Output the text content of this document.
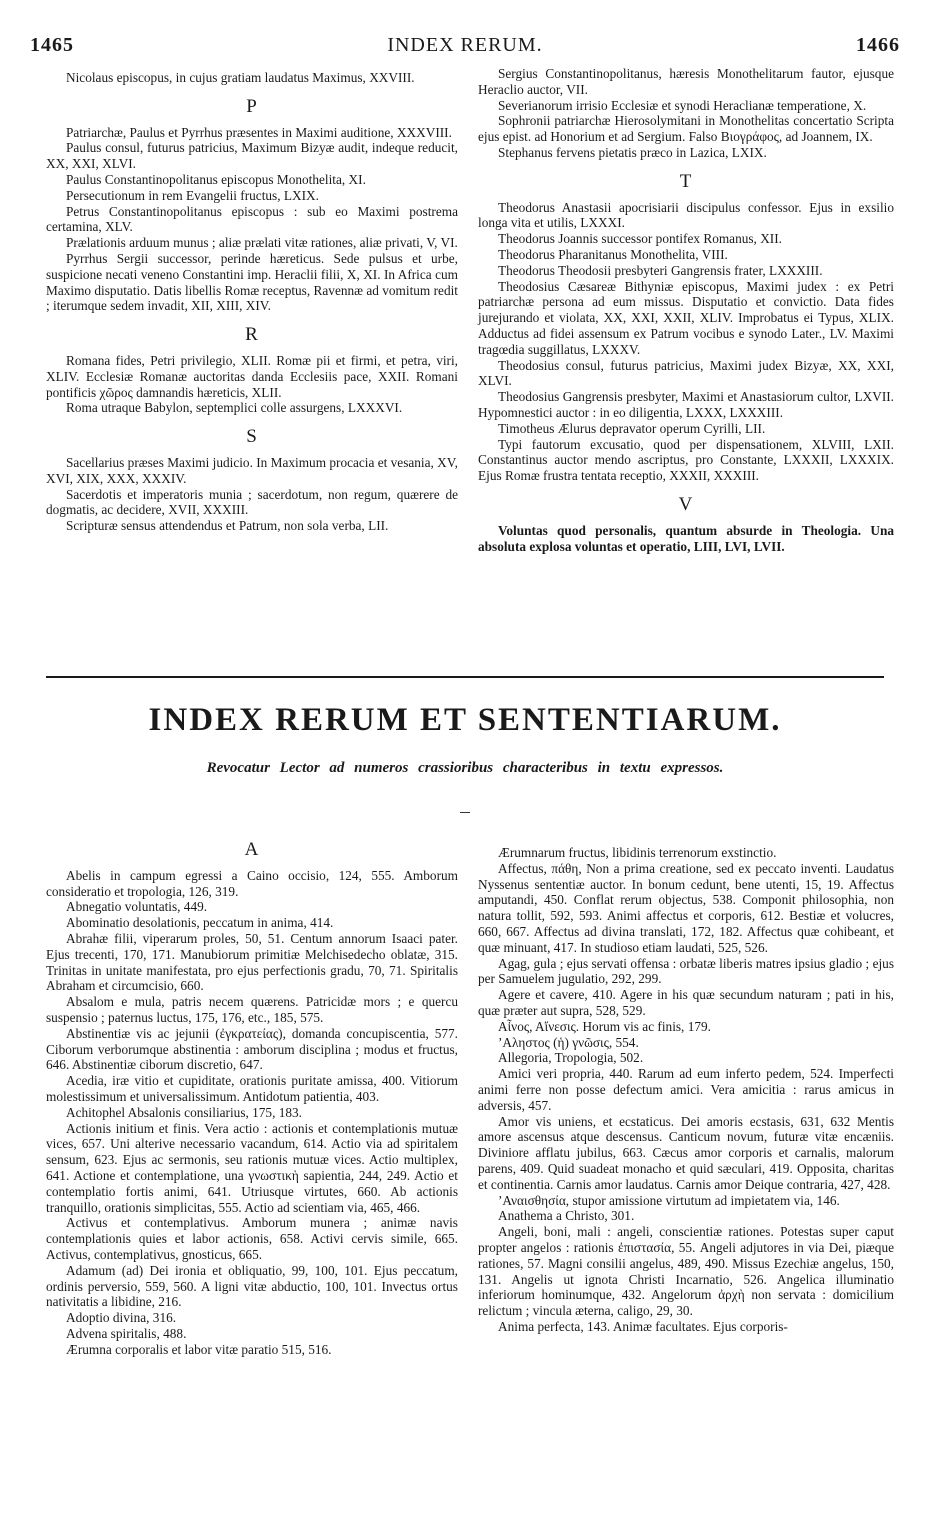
1465	INDEX RERUM.	1466

Nicolaus episcopus, in cujus gratiam laudatus Maximus, XXVIII.

P

Patriarchæ, Paulus et Pyrrhus præsentes in Maximi auditione, XXXVIII.

Paulus consul, futurus patricius, Maximum Bizyæ audit, indeque reducit, XX, XXI, XLVI.

Paulus Constantinopolitanus episcopus Monothelita, XI.

Persecutionum in rem Evangelii fructus, LXIX.

Petrus Constantinopolitanus episcopus : sub eo Maximi postrema certamina, XLV.

Prælationis arduum munus ; aliæ prælati vitæ rationes, aliæ privati, V, VI.

Pyrrhus Sergii successor, perinde hæreticus. Sede pulsus et urbe, suspicione necati veneno Constantini imp. Heraclii filii, X, XI. In Africa cum Maximo disputatio. Datis libellis Romæ receptus, Ravennæ ad vomitum redit ; iterumque sedem invadit, XII, XIII, XIV.

R

Romana fides, Petri privilegio, XLII. Romæ pii et firmi, et petra, viri, XLIV. Ecclesiæ Romanæ auctoritas danda Ecclesiis pace, XXII. Romani pontificis χῶρος damnandis hæreticis, XLII.

Roma utraque Babylon, septemplici colle assurgens, LXXXVI.

S

Sacellarius præses Maximi judicio. In Maximum procacia et vesania, XV, XVI, XIX, XXX, XXXIV.

Sacerdotis et imperatoris munia ; sacerdotum, non regum, quærere de dogmatis, ac decidere, XVII, XXXIII.

Scripturæ sensus attendendus et Patrum, non sola verba, LII.

Sergius Constantinopolitanus, hæresis Monothelitarum fautor, ejusque Heraclio auctor, VII.

Severianorum irrisio Ecclesiæ et synodi Heraclianæ temperatione, X.

Sophronii patriarchæ Hierosolymitani in Monothelitas concertatio Scripta ejus epist. ad Honorium et ad Sergium. Falso Βιογράφος, ad Joannem, IX.

Stephanus fervens pietatis præco in Lazica, LXIX.

T

Theodorus Anastasii apocrisiarii discipulus confessor. Ejus in exsilio longa vita et utilis, LXXXI.

Theodorus Joannis successor pontifex Romanus, XII.

Theodorus Pharanitanus Monothelita, VIII.

Theodorus Theodosii presbyteri Gangrensis frater, LXXXIII.

Theodosius Cæsareæ Bithyniæ episcopus, Maximi judex : ex Petri patriarchæ persona ad eum missus. Disputatio et convictio. Data fides jurejurando et violata, XX, XXI, XXII, XLIV. Improbatus ei Typus, XLIX. Adductus ad fidei assensum ex Patrum vocibus e synodo Later., LV. Maximi tragœdia suggillatus, LXXXV.

Theodosius consul, futurus patricius, Maximi judex Bizyæ, XX, XXI, XLVI.

Theodosius Gangrensis presbyter, Maximi et Anastasiorum cultor, LXVII. Hypomnestici auctor : in eo diligentia, LXXX, LXXXIII.

Timotheus Ælurus depravator operum Cyrilli, LII.

Typi fautorum excusatio, quod per dispensationem, XLVIII, LXII. Constantinus auctor mendo ascriptus, pro Constante, LXXXII, LXXXIX. Ejus Romæ frustra tentata receptio, XXXII, XXXIII.

V

Voluntas quod personalis, quantum absurde in Theologia. Una absoluta explosa voluntas et operatio, LIII, LVI, LVII.

INDEX RERUM ET SENTENTIARUM.
Revocatur Lector ad numeros crassioribus characteribus in textu expressos.

A

Abelis in campum egressi a Caino occisio, 124, 555. Amborum consideratio et tropologia, 126, 319.

Abnegatio voluntatis, 449.

Abominatio desolationis, peccatum in anima, 414.

Abrahæ filii, viperarum proles, 50, 51. Centum annorum Isaaci pater. Ejus trecenti, 170, 171. Manubiorum primitiæ Melchisedecho oblatæ, 315. Trinitas in unitate manifestata, pro ejus perfectionis gradu, 70, 71. Spiritalis Abraham et circumcisio, 660.

Absalom e mula, patris necem quærens. Patricidæ mors ; e quercu suspensio ; paternus luctus, 175, 176, etc., 185, 575.

Abstinentiæ vis ac jejunii (ἐγκρατείας), domanda concupiscentia, 577. Ciborum verborumque abstinentia : amborum disciplina ; modus et fructus, 646. Abstinentiæ ciborum discretio, 647.

Acedia, iræ vitio et cupiditate, orationis puritate amissa, 400. Vitiorum molestissimum et universalissimum. Antidotum patientia, 403.

Achitophel Absalonis consiliarius, 175, 183.

Actionis initium et finis. Vera actio : actionis et contemplationis mutuæ vices, 657. Uni alterive necessario vacandum, 614. Actio via ad spiritalem sensum, 623. Ejus ac sermonis, seu rationis mutuæ vices. Actio multiplex, 641. Actione et contemplatione, una γνωστικὴ sapientia, 244, 249. Actio et contemplatio fortis animi, 641. Utriusque virtutes, 660. Ab actionis tranquillo, orationis simplicitas, 555. Actio ad scientiam via, 465, 466.

Activus et contemplativus. Amborum munera ; animæ navis contemplationis quies et labor actionis, 658. Activi cervis simile, 665. Activus, contemplativus, gnosticus, 665.

Adamum (ad) Dei ironia et obliquatio, 99, 100, 101. Ejus peccatum, ordinis perversio, 559, 560. A ligni vitæ abductio, 100, 101. Invectus ortus nativitatis a libidine, 216.

Adoptio divina, 316.

Advena spiritalis, 488.

Ærumna corporalis et labor vitæ paratio 515, 516.

Ærumnarum fructus, libidinis terrenorum exstinctio.

Affectus, πάθη, Non a prima creatione, sed ex peccato inventi. Laudatus Nyssenus sententiæ auctor. In bonum cedunt, bene utenti, 15, 19. Affectus amputandi, 450. Conflat rerum objectus, 538. Componit philosophia, non natura tollit, 592, 593. Animi affectus et corporis, 612. Bestiæ et volucres, 660, 667. Affectus ad divina translati, 172, 182. Affectus quæ cohibeant, et quæ minuant, 417. In studioso etiam laudati, 525, 526.

Agag, gula ; ejus servati offensa : orbatæ liberis matres ipsius gladio ; ejus per Samuelem jugulatio, 292, 299.

Agere et cavere, 410. Agere in his quæ secundum naturam ; pati in his, quæ præter aut supra, 528, 529.

Αἶνος, Αἴνεσις. Horum vis ac finis, 179.

ʼΑληστος (ἡ) γνῶσις, 554.

Allegoria, Tropologia, 502.

Amici veri propria, 440. Rarum ad eum inferto pedem, 524. Imperfecti animi ferre non posse defectum amici. Vera amicitia : rarus amicus in adversis, 457.

Amor vis uniens, et ecstaticus. Dei amoris ecstasis, 631, 632 Mentis amore ascensus atque descensus. Canticum novum, futuræ vitæ encæniis. Diviniore afflatu jubilus, 663. Cæcus amor corporis et carnalis, malorum parens, 409. Quid suadeat monacho et quid sæculari, 419. Opposita, charitas et continentia. Carnis amor laudatus. Carnis amor Deique contraria, 427, 428.

ʼΑναισθησία, stupor amissione virtutum ad impietatem via, 146.

Anathema a Christo, 301.

Angeli, boni, mali : angeli, conscientiæ rationes. Potestas super caput propter angelos : rationis ἐπιστασία, 55. Angeli adjutores in via Dei, piæque rationes, 57. Magni consilii angelus, 489, 490. Missus Ezechiæ angelus, 150, 131. Angelis ut ignota Christi Incarnatio, 526. Angelica illuminatio inferiorum hominumque, 432. Angelorum ἀρχὴ non servata : domicilium relictum ; vincula æterna, caligo, 29, 30.

Anima perfecta, 143. Animæ facultates. Ejus corporis-
